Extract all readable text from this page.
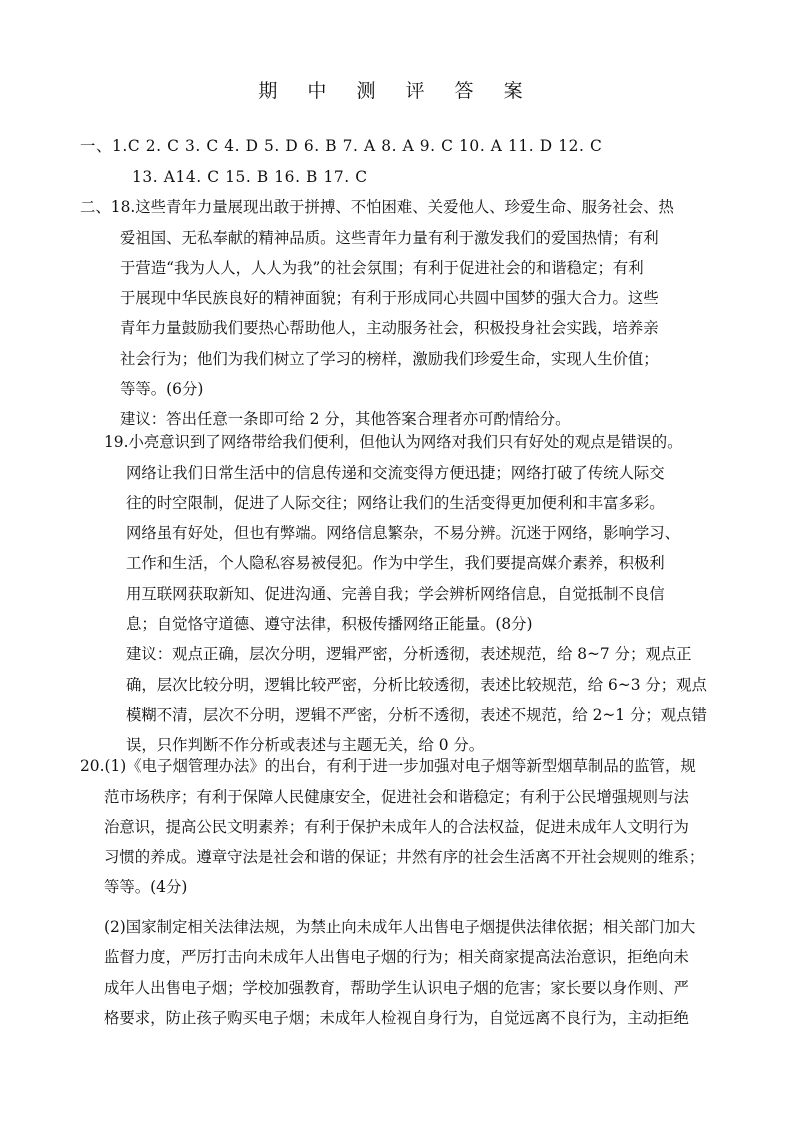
期 中 测 评 答 案
一、1.C 2. C 3. C 4. D 5. D 6. B 7. A 8. A 9. C 10. A 11. D 12. C
13. A14. C 15. B 16. B 17. C
二、18.这些青年力量展现出敢于拼搏、不怕困难、关爱他人、珍爱生命、服务社会、热
爱祖国、无私奉献的精神品质。这些青年力量有利于激发我们的爱国热情；有利
于营造“我为人人，人人为我”的社会氛围；有利于促进社会的和谐稳定；有利
于展现中华民族良好的精神面貌；有利于形成同心共圆中国梦的强大合力。这些
青年力量鼓励我们要热心帮助他人，主动服务社会，积极投身社会实践，培养亲
社会行为；他们为我们树立了学习的榜样，激励我们珍爱生命，实现人生价值；
等等。(6分)
建议：答出任意一条即可给 2 分，其他答案合理者亦可酌情给分。
19.小亮意识到了网络带给我们便利，但他认为网络对我们只有好处的观点是错误的。
网络让我们日常生活中的信息传递和交流变得方便迅捷；网络打破了传统人际交
往的时空限制，促进了人际交往；网络让我们的生活变得更加便利和丰富多彩。
网络虽有好处，但也有弊端。网络信息繁杂，不易分辨。沉迷于网络，影响学习、
工作和生活，个人隐私容易被侵犯。作为中学生，我们要提高媒介素养，积极利
用互联网获取新知、促进沟通、完善自我；学会辨析网络信息，自觉抵制不良信
息；自觉恪守道德、遵守法律，积极传播网络正能量。(8分)
建议：观点正确，层次分明，逻辑严密，分析透彻，表述规范，给 8~7 分；观点正
确，层次比较分明，逻辑比较严密，分析比较透彻，表述比较规范，给 6~3 分；观点
模糊不清，层次不分明，逻辑不严密，分析不透彻，表述不规范，给 2~1 分；观点错
误，只作判断不作分析或表述与主题无关，给 0 分。
20.(1)《电子烟管理办法》的出台，有利于进一步加强对电子烟等新型烟草制品的监管，规
范市场秩序；有利于保障人民健康安全，促进社会和谐稳定；有利于公民增强规则与法
治意识，提高公民文明素养；有利于保护未成年人的合法权益，促进未成年人文明行为
习惯的养成。遵章守法是社会和谐的保证；井然有序的社会生活离不开社会规则的维系；
等等。(4分)
(2)国家制定相关法律法规，为禁止向未成年人出售电子烟提供法律依据；相关部门加大
监督力度，严厉打击向未成年人出售电子烟的行为；相关商家提高法治意识，拒绝向未
成年人出售电子烟；学校加强教育，帮助学生认识电子烟的危害；家长要以身作则、严
格要求，防止孩子购买电子烟；未成年人检视自身行为，自觉远离不良行为，主动拒绝
